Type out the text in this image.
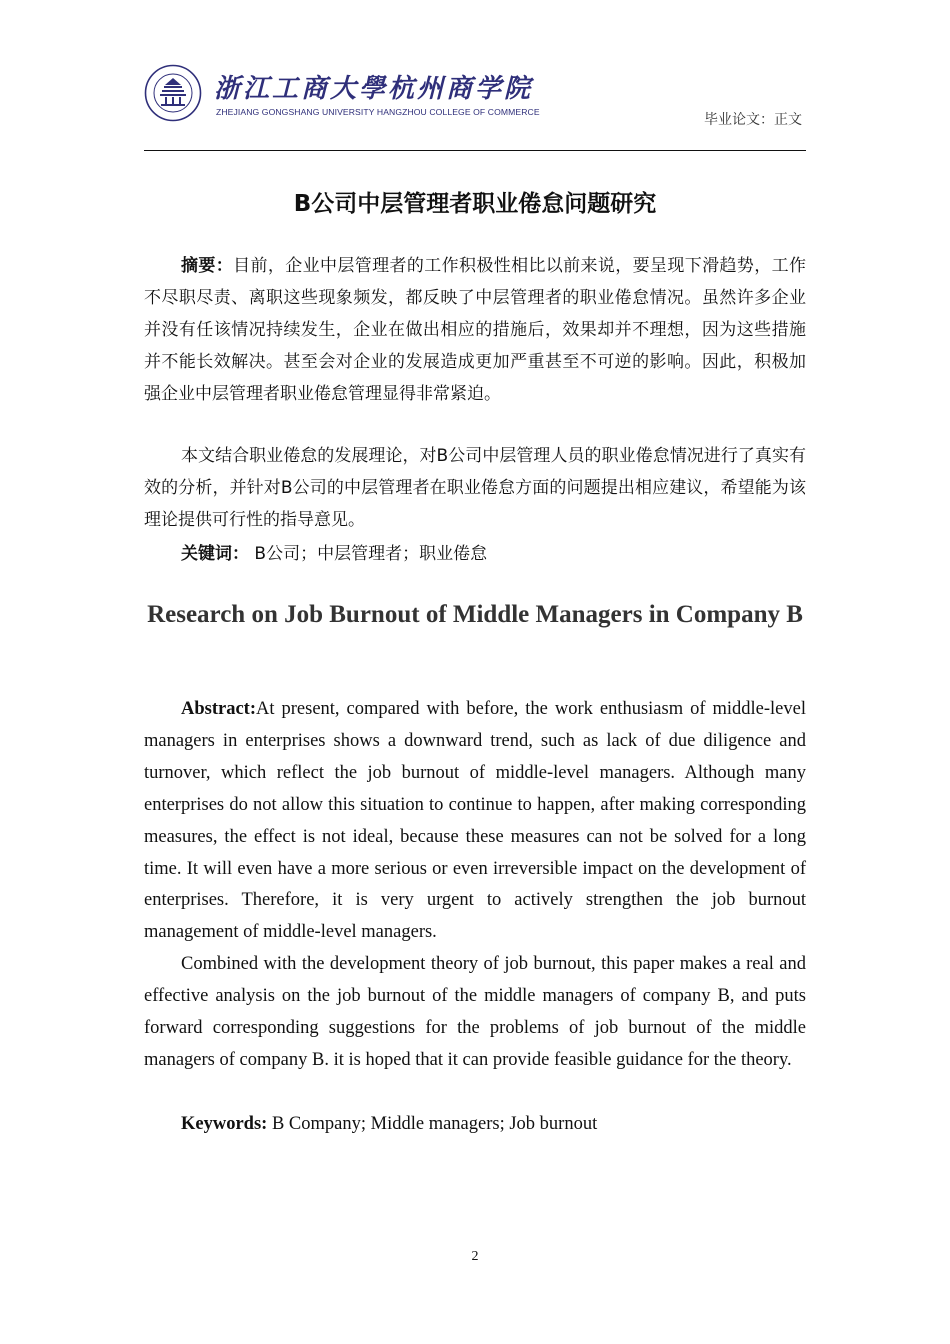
浙江工商大學杭州商学院
ZHEJIANG GONGSHANG UNIVERSITY HANGZHOU COLLEGE OF COMMERCE	毕业论文：正文
B公司中层管理者职业倦怠问题研究

摘要：目前，企业中层管理者的工作积极性相比以前来说，要呈现下滑趋势，工作不尽职尽责、离职这些现象频发，都反映了中层管理者的职业倦怠情况。虽然许多企业并没有任该情况持续发生，企业在做出相应的措施后，效果却并不理想，因为这些措施并不能长效解决。甚至会对企业的发展造成更加严重甚至不可逆的影响。因此，积极加强企业中层管理者职业倦怠管理显得非常紧迫。

本文结合职业倦怠的发展理论，对B公司中层管理人员的职业倦怠情况进行了真实有效的分析，并针对B公司的中层管理者在职业倦怠方面的问题提出相应建议，希望能为该理论提供可行性的指导意见。

关键词： B公司；中层管理者；职业倦怠

Research on Job Burnout of Middle Managers in Company B

Abstract:At present, compared with before, the work enthusiasm of middle-level managers in enterprises shows a downward trend, such as lack of due diligence and turnover, which reflect the job burnout of middle-level managers. Although many enterprises do not allow this situation to continue to happen, after making corresponding measures, the effect is not ideal, because these measures can not be solved for a long time. It will even have a more serious or even irreversible impact on the development of enterprises. Therefore, it is very urgent to actively strengthen the job burnout management of middle-level managers.

Combined with the development theory of job burnout, this paper makes a real and effective analysis on the job burnout of the middle managers of company B, and puts forward corresponding suggestions for the problems of job burnout of the middle managers of company B. it is hoped that it can provide feasible guidance for the theory.

Keywords: B Company; Middle managers; Job burnout

2
